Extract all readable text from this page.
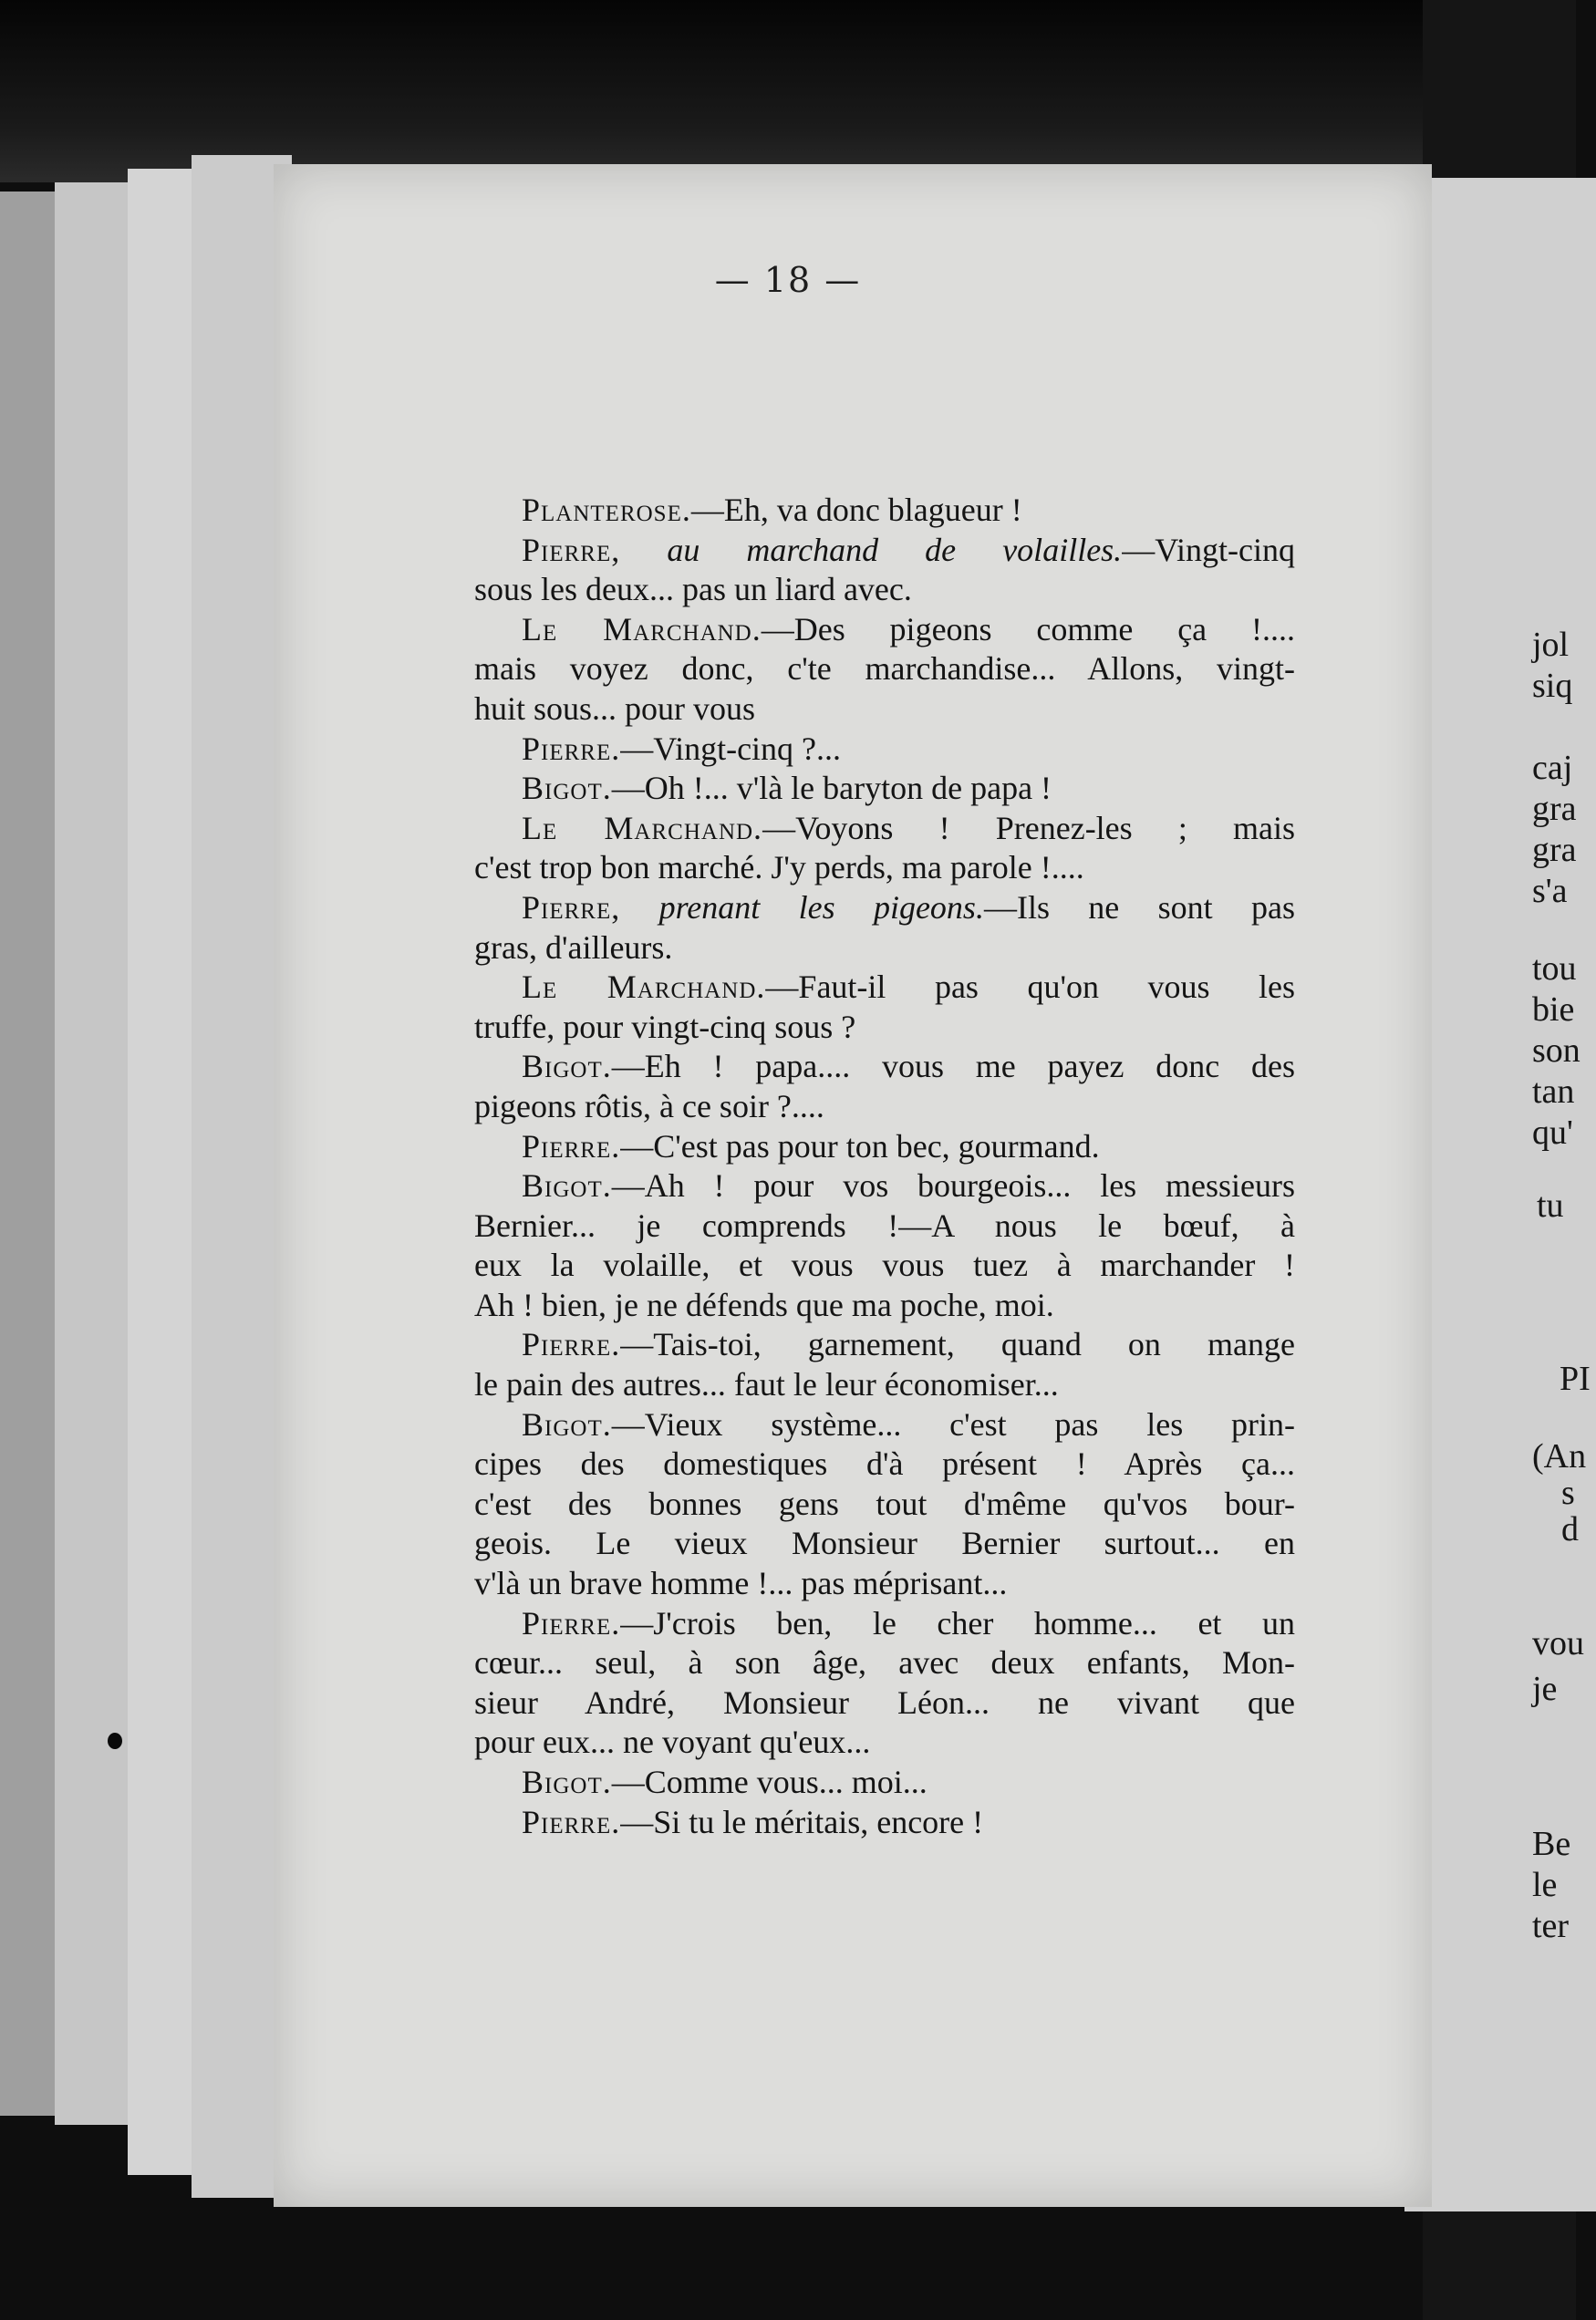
— 18 —
Planterose.—Eh, va donc blagueur !
Pierre, au marchand de volailles.—Vingt-cinq
sous les deux... pas un liard avec.
Le Marchand.—Des pigeons comme ça !....
mais voyez donc, c'te marchandise... Allons, vingt-
huit sous... pour vous
Pierre.—Vingt-cinq ?...
Bigot.—Oh !... v'là le baryton de papa !
Le Marchand.—Voyons ! Prenez-les ; mais
c'est trop bon marché. J'y perds, ma parole !....
Pierre, prenant les pigeons.—Ils ne sont pas
gras, d'ailleurs.
Le Marchand.—Faut-il pas qu'on vous les
truffe, pour vingt-cinq sous ?
Bigot.—Eh ! papa.... vous me payez donc des
pigeons rôtis, à ce soir ?....
Pierre.—C'est pas pour ton bec, gourmand.
Bigot.—Ah ! pour vos bourgeois... les messieurs
Bernier... je comprends !—A nous le bœuf, à
eux la volaille, et vous vous tuez à marchander !
Ah ! bien, je ne défends que ma poche, moi.
Pierre.—Tais-toi, garnement, quand on mange
le pain des autres... faut le leur économiser...
Bigot.—Vieux système... c'est pas les prin-
cipes des domestiques d'à présent ! Après ça...
c'est des bonnes gens tout d'même qu'vos bour-
geois. Le vieux Monsieur Bernier surtout... en
v'là un brave homme !... pas méprisant...
Pierre.—J'crois ben, le cher homme... et un
cœur... seul, à son âge, avec deux enfants, Mon-
sieur André, Monsieur Léon... ne vivant que
pour eux... ne voyant qu'eux...
Bigot.—Comme vous... moi...
Pierre.—Si tu le méritais, encore !
jol
siq
caj
gra
gra
s'a
tou
bie
son
tan
qu'
tu
PI
(An
s
d
vou
je
Be
le
ter
